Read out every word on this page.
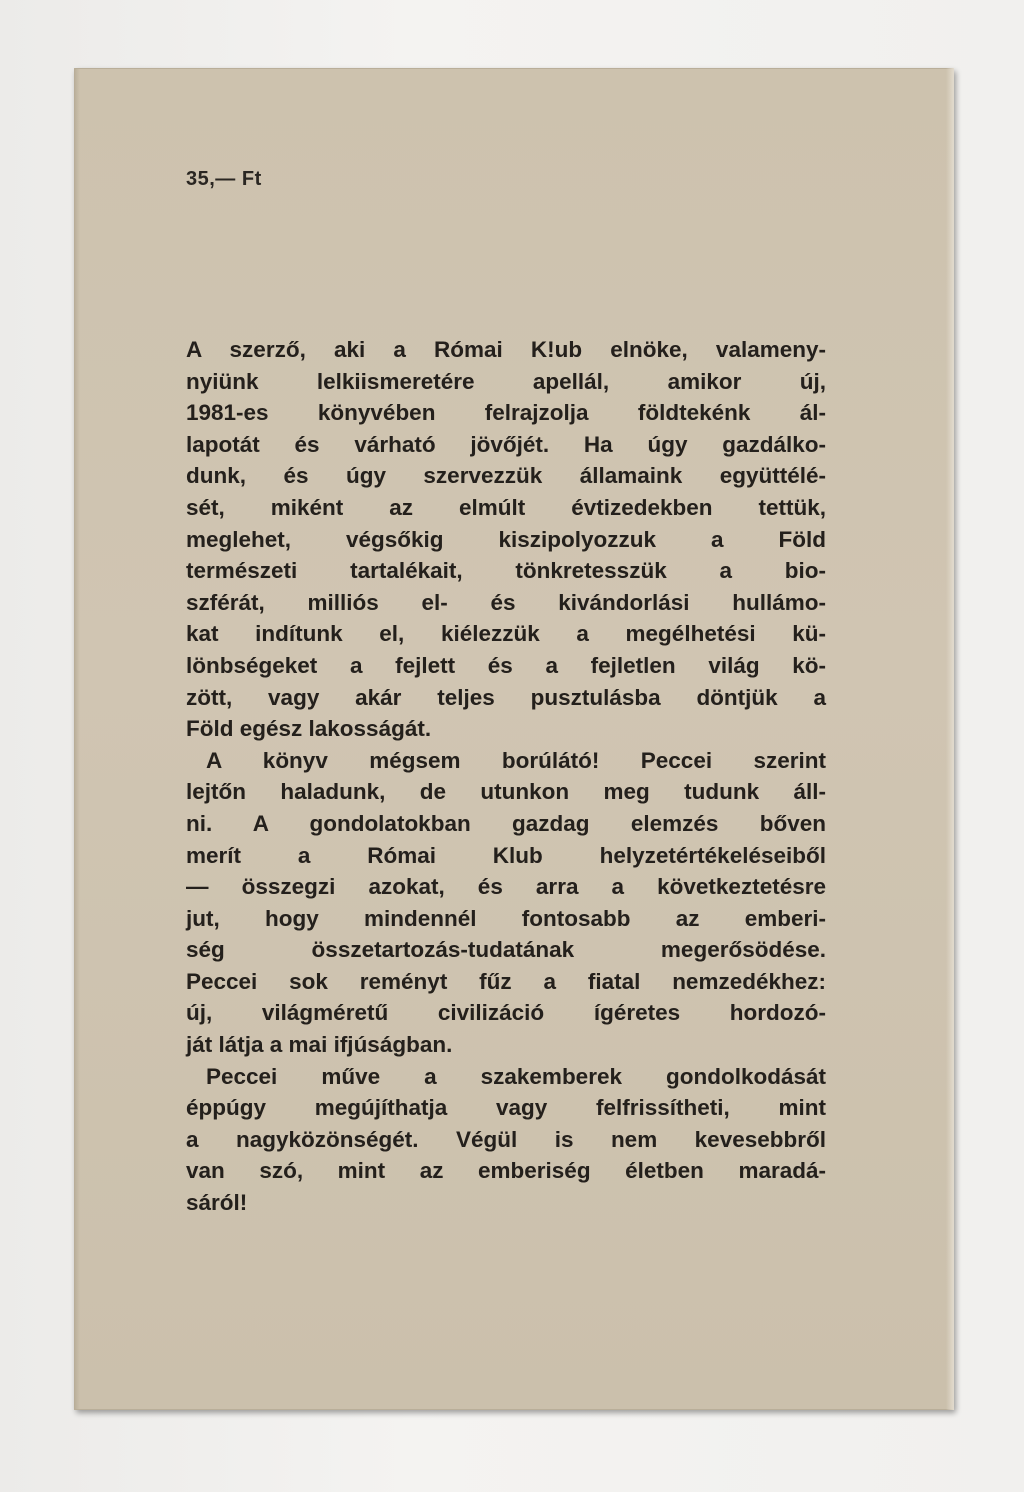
35,— Ft

A szerző, aki a Római K!ub elnöke, valameny-
nyiünk lelkiismeretére apellál, amikor új,
1981-es könyvében felrajzolja földtekénk ál-
lapotát és várható jövőjét. Ha úgy gazdálko-
dunk, és úgy szervezzük államaink együttélé-
sét, miként az elmúlt évtizedekben tettük,
meglehet, végsőkig kiszipolyozzuk a Föld
természeti tartalékait, tönkretesszük a bio-
szférát, milliós el- és kivándorlási hullámo-
kat indítunk el, kiélezzük a megélhetési kü-
lönbségeket a fejlett és a fejletlen világ kö-
zött, vagy akár teljes pusztulásba döntjük a
Föld egész lakosságát.

A könyv mégsem borúlátó! Peccei szerint
lejtőn haladunk, de utunkon meg tudunk áll-
ni. A gondolatokban gazdag elemzés bőven
merít a Római Klub helyzetértékeléseiből
— összegzi azokat, és arra a következtetésre
jut, hogy mindennél fontosabb az emberi-
ség összetartozás-tudatának megerősödése.
Peccei sok reményt fűz a fiatal nemzedékhez:
új, világméretű civilizáció ígéretes hordozó-
ját látja a mai ifjúságban.

Peccei műve a szakemberek gondolkodását
éppúgy megújíthatja vagy felfrissítheti, mint
a nagyközönségét. Végül is nem kevesebbről
van szó, mint az emberiség életben maradá-
sáról!
